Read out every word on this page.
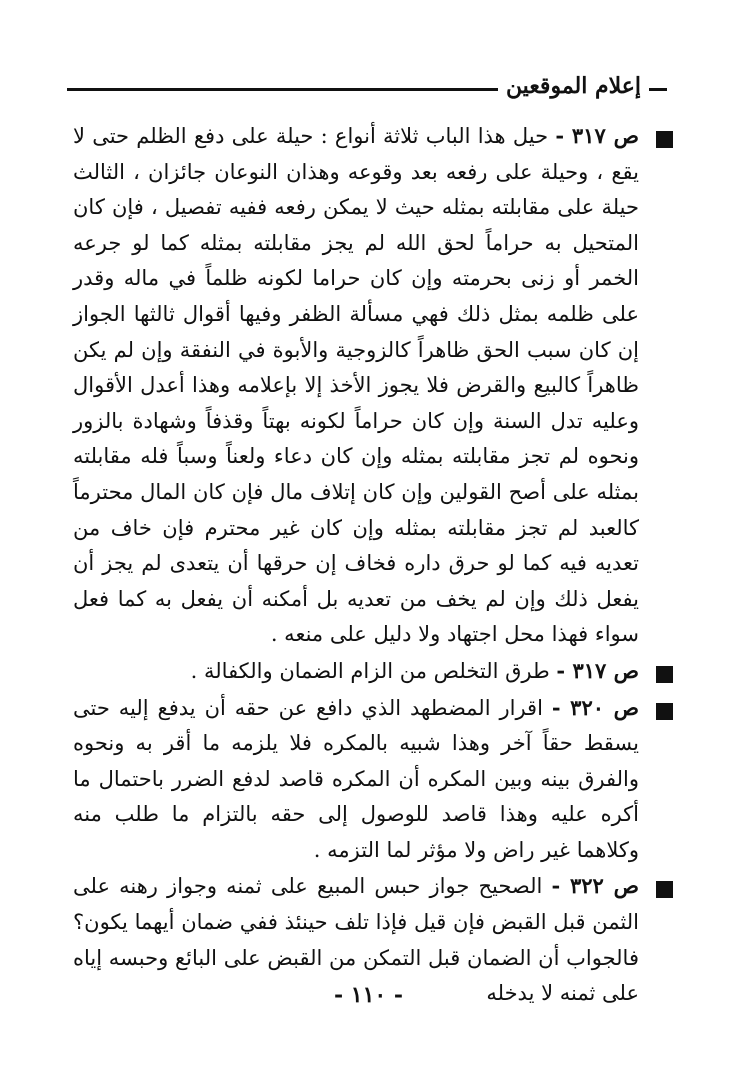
إعلام الموقعين

ص ٣١٧ - حيل هذا الباب ثلاثة أنواع : حيلة على دفع الظلم حتى لا يقع ، وحيلة على رفعه بعد وقوعه وهذان النوعان جائزان ، الثالث حيلة على مقابلته بمثله حيث لا يمكن رفعه ففيه تفصيل ، فإن كان المتحيل به حراماً لحق الله لم يجز مقابلته بمثله كما لو جرعه الخمر أو زنى بحرمته وإن كان حراما لكونه ظلماً في ماله وقدر على ظلمه بمثل ذلك فهي مسألة الظفر وفيها أقوال ثالثها الجواز إن كان سبب الحق ظاهراً كالزوجية والأبوة في النفقة وإن لم يكن ظاهراً كالبيع والقرض فلا يجوز الأخذ إلا بإعلامه وهذا أعدل الأقوال وعليه تدل السنة وإن كان حراماً لكونه بهتاً وقذفاً وشهادة بالزور ونحوه لم تجز مقابلته بمثله وإن كان دعاء ولعناً وسباً فله مقابلته بمثله على أصح القولين وإن كان إتلاف مال فإن كان المال محترماً كالعبد لم تجز مقابلته بمثله وإن كان غير محترم فإن خاف من تعديه فيه كما لو حرق داره فخاف إن حرقها أن يتعدى لم يجز أن يفعل ذلك وإن لم يخف من تعديه بل أمكنه أن يفعل به كما فعل سواء فهذا محل اجتهاد ولا دليل على منعه .

ص ٣١٧ - طرق التخلص من الزام الضمان والكفالة .

ص ٣٢٠ - اقرار المضطهد الذي دافع عن حقه أن يدفع إليه حتى يسقط حقاً آخر وهذا شبيه بالمكره فلا يلزمه ما أقر به ونحوه والفرق بينه وبين المكره أن المكره قاصد لدفع الضرر باحتمال ما أكره عليه وهذا قاصد للوصول إلى حقه بالتزام ما طلب منه وكلاهما غير راض ولا مؤثر لما التزمه .

ص ٣٢٢ - الصحيح جواز حبس المبيع على ثمنه وجواز رهنه على الثمن قبل القبض فإن قيل فإذا تلف حينئذ ففي ضمان أيهما يكون؟ فالجواب أن الضمان قبل التمكن من القبض على البائع وحبسه إياه على ثمنه لا يدخله

- ١١٠ -
